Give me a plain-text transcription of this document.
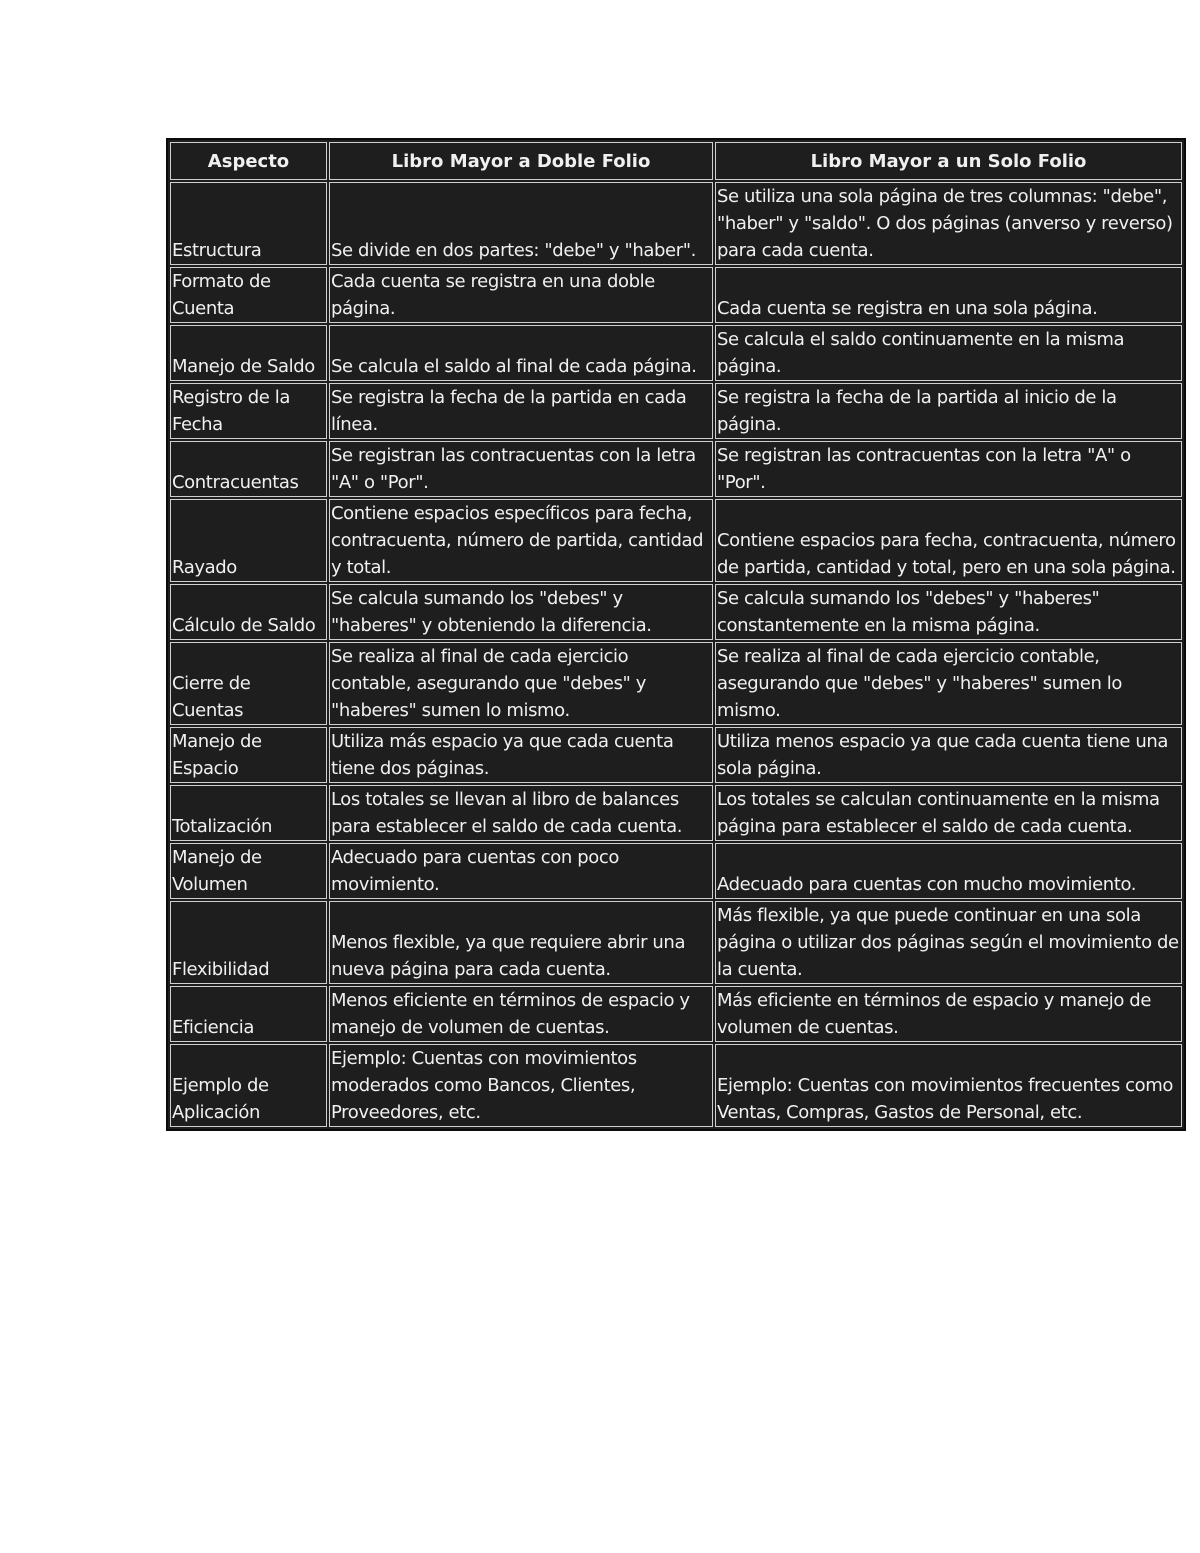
Aspecto	Libro Mayor a Doble Folio	Libro Mayor a un Solo Folio
Estructura	Se divide en dos partes: "debe" y "haber".	Se utiliza una sola página de tres columnas: "debe", "haber" y "saldo". O dos páginas (anverso y reverso) para cada cuenta.
Formato de Cuenta	Cada cuenta se registra en una doble página.	Cada cuenta se registra en una sola página.
Manejo de Saldo	Se calcula el saldo al final de cada página.	Se calcula el saldo continuamente en la misma página.
Registro de la Fecha	Se registra la fecha de la partida en cada línea.	Se registra la fecha de la partida al inicio de la página.
Contracuentas	Se registran las contracuentas con la letra "A" o "Por".	Se registran las contracuentas con la letra "A" o "Por".
Rayado	Contiene espacios específicos para fecha, contracuenta, número de partida, cantidad y total.	Contiene espacios para fecha, contracuenta, número de partida, cantidad y total, pero en una sola página.
Cálculo de Saldo	Se calcula sumando los "debes" y "haberes" y obteniendo la diferencia.	Se calcula sumando los "debes" y "haberes" constantemente en la misma página.
Cierre de Cuentas	Se realiza al final de cada ejercicio contable, asegurando que "debes" y "haberes" sumen lo mismo.	Se realiza al final de cada ejercicio contable, asegurando que "debes" y "haberes" sumen lo mismo.
Manejo de Espacio	Utiliza más espacio ya que cada cuenta tiene dos páginas.	Utiliza menos espacio ya que cada cuenta tiene una sola página.
Totalización	Los totales se llevan al libro de balances para establecer el saldo de cada cuenta.	Los totales se calculan continuamente en la misma página para establecer el saldo de cada cuenta.
Manejo de Volumen	Adecuado para cuentas con poco movimiento.	Adecuado para cuentas con mucho movimiento.
Flexibilidad	Menos flexible, ya que requiere abrir una nueva página para cada cuenta.	Más flexible, ya que puede continuar en una sola página o utilizar dos páginas según el movimiento de la cuenta.
Eficiencia	Menos eficiente en términos de espacio y manejo de volumen de cuentas.	Más eficiente en términos de espacio y manejo de volumen de cuentas.
Ejemplo de Aplicación	Ejemplo: Cuentas con movimientos moderados como Bancos, Clientes, Proveedores, etc.	Ejemplo: Cuentas con movimientos frecuentes como Ventas, Compras, Gastos de Personal, etc.
